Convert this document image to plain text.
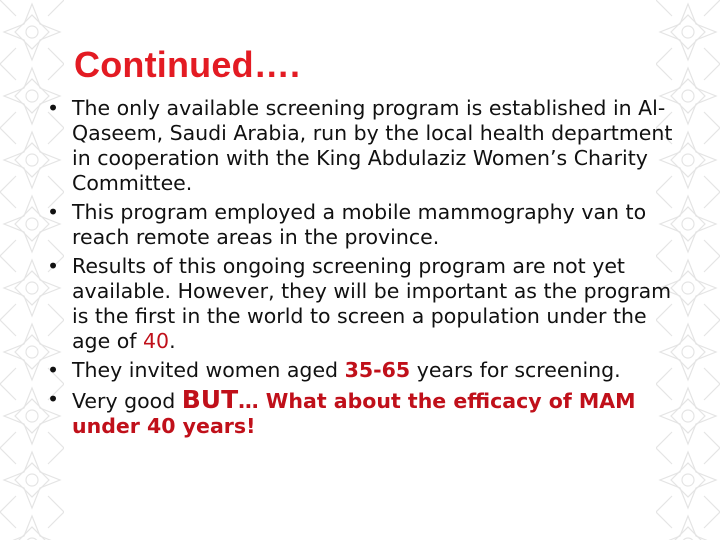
Continued….
• The only available screening program is established in Al-Qaseem, Saudi Arabia, run by the local health department in cooperation with the King Abdulaziz Women’s Charity Committee.
• This program employed a mobile mammography van to reach remote areas in the province.
• Results of this ongoing screening program are not yet available. However, they will be important as the program is the first in the world to screen a population under the age of 40.
• They invited women aged 35-65 years for screening.
• Very good BUT… What about the efficacy of MAM under 40 years!
